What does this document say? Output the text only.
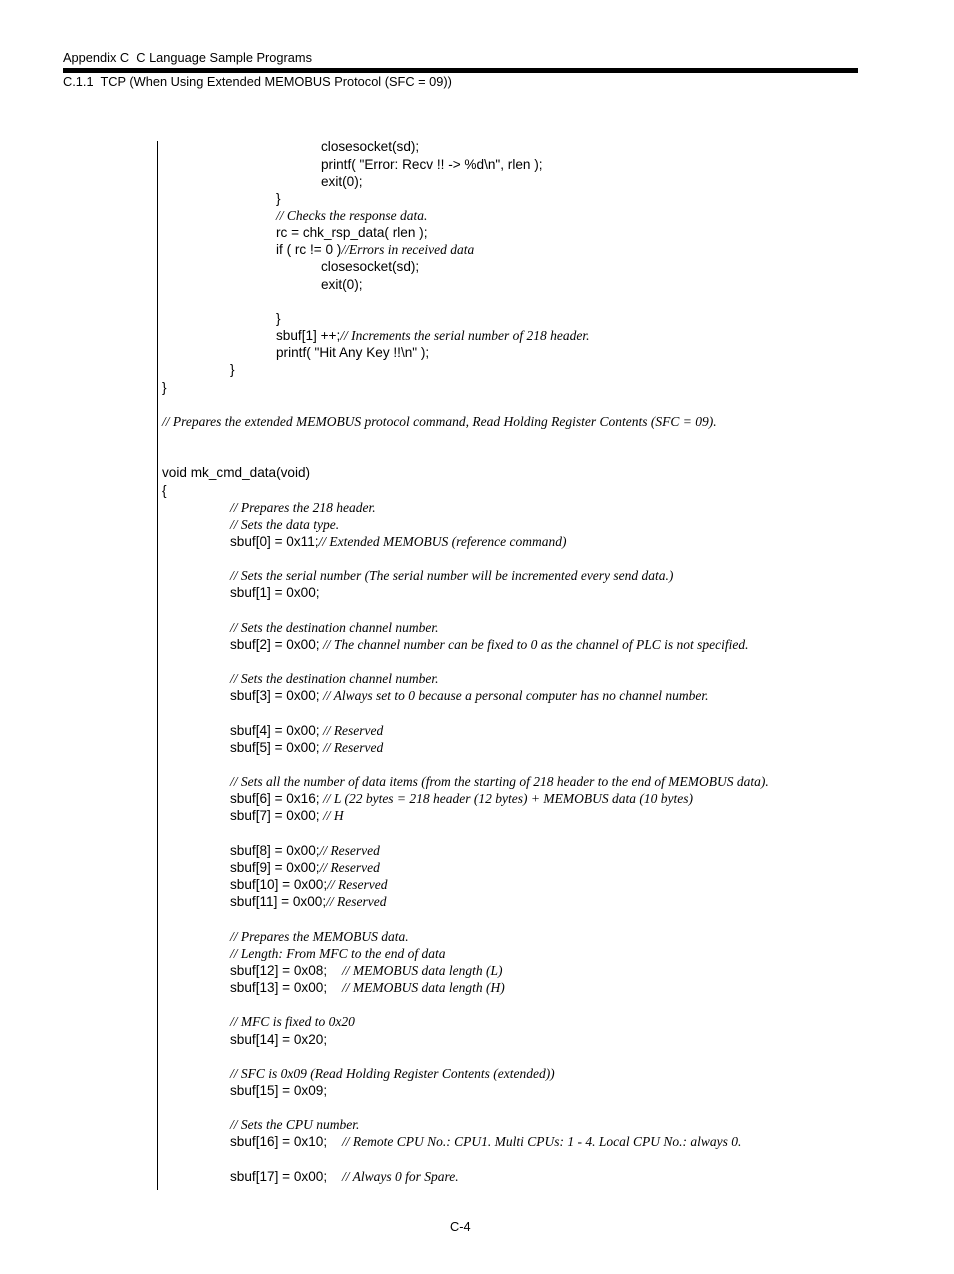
Appendix C  C Language Sample Programs
C.1.1  TCP (When Using Extended MEMOBUS Protocol (SFC = 09))
closesocket(sd);
printf( "Error: Recv !! -> %d\n", rlen );
exit(0);
}
// Checks the response data.
rc = chk_rsp_data( rlen );
if ( rc != 0 )//Errors in received data
closesocket(sd);
exit(0);
}
sbuf[1] ++;// Increments the serial number of 218 header.
printf( "Hit Any Key !!\n" );
}
}
// Prepares the extended MEMOBUS protocol command, Read Holding Register Contents (SFC = 09).
void mk_cmd_data(void)
{
// Prepares the 218 header.
// Sets the data type.
sbuf[0] = 0x11;// Extended MEMOBUS (reference command)
// Sets the serial number (The serial number will be incremented every send data.)
sbuf[1] = 0x00;
// Sets the destination channel number.
sbuf[2] = 0x00; // The channel number can be fixed to 0 as the channel of PLC is not specified.
// Sets the destination channel number.
sbuf[3] = 0x00; // Always set to 0 because a personal computer has no channel number.
sbuf[4] = 0x00; // Reserved
sbuf[5] = 0x00; // Reserved
// Sets all the number of data items (from the starting of 218 header to the end of MEMOBUS data).
sbuf[6] = 0x16; // L (22 bytes = 218 header (12 bytes) + MEMOBUS data (10 bytes)
sbuf[7] = 0x00; // H
sbuf[8] = 0x00;// Reserved
sbuf[9] = 0x00;// Reserved
sbuf[10] = 0x00;// Reserved
sbuf[11] = 0x00;// Reserved
// Prepares the MEMOBUS data.
// Length: From MFC to the end of data
sbuf[12] = 0x08; // MEMOBUS data length (L)
sbuf[13] = 0x00; // MEMOBUS data length (H)
// MFC is fixed to 0x20
sbuf[14] = 0x20;
// SFC is 0x09 (Read Holding Register Contents (extended))
sbuf[15] = 0x09;
// Sets the CPU number.
sbuf[16] = 0x10; // Remote CPU No.: CPU1. Multi CPUs: 1 - 4. Local CPU No.: always 0.
sbuf[17] = 0x00; // Always 0 for Spare.
C-4
